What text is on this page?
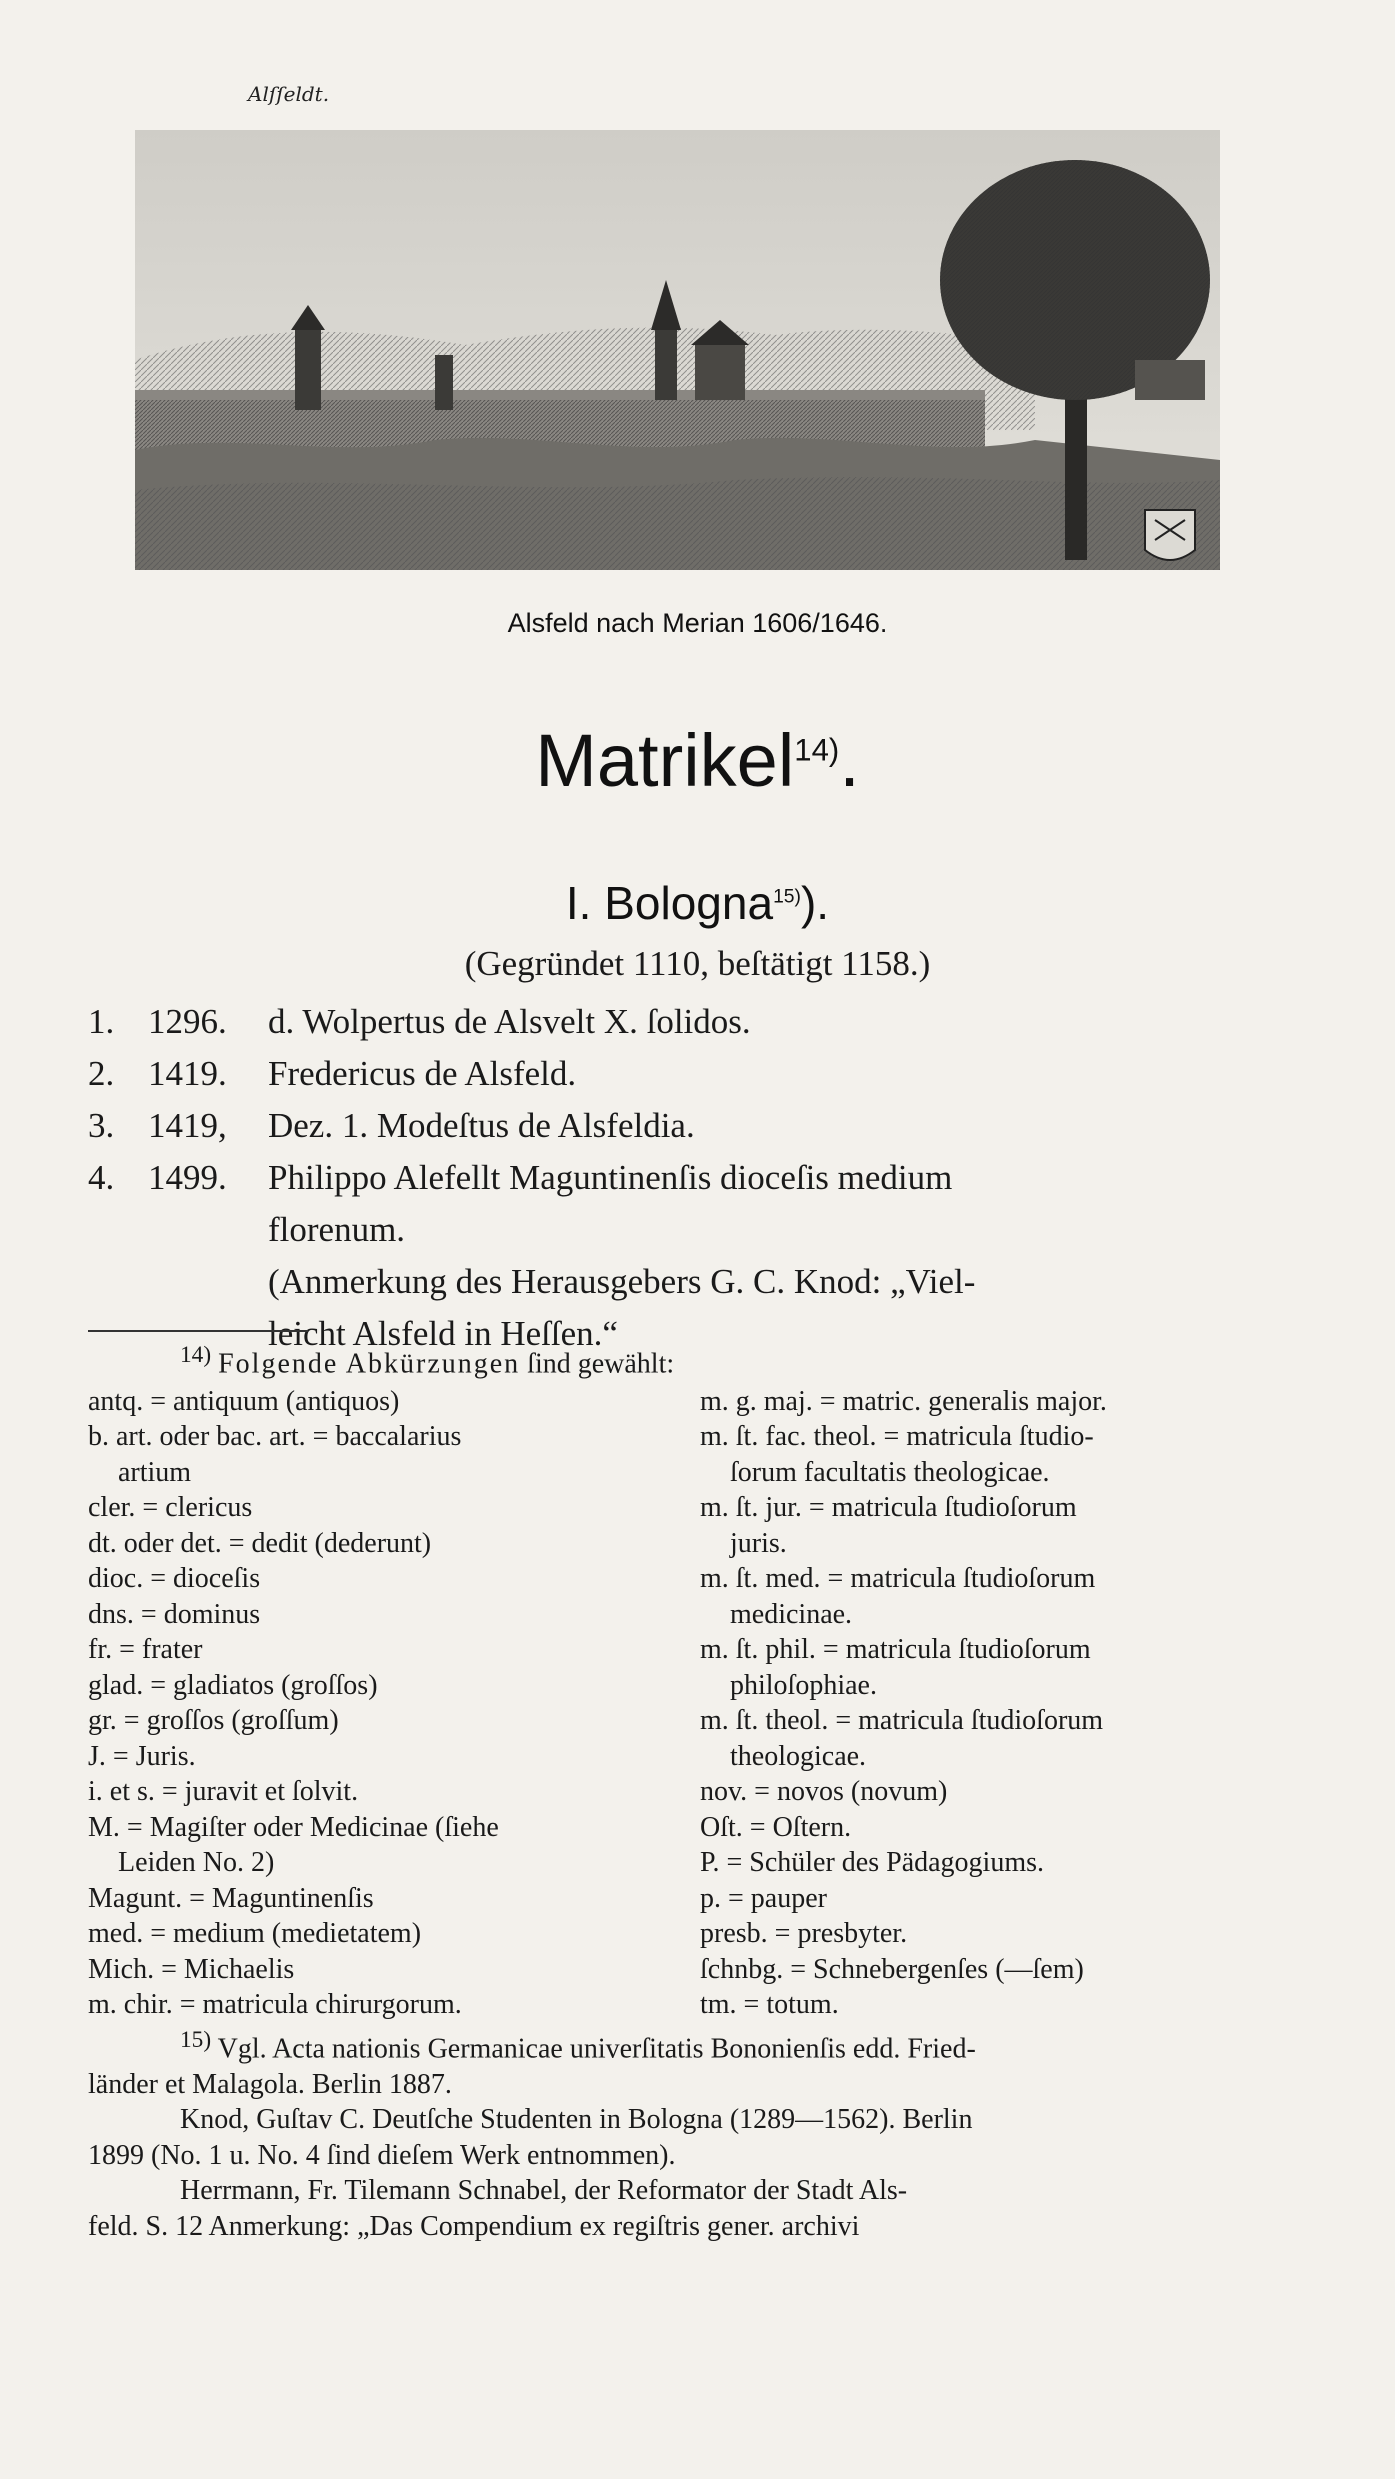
Alſſeldt.
Alsfeld nach Merian 1606/1646.
Matrikel$^{14)}$.
I. Bologna$^{15)}$).
(Gegründet 1110, beſtätigt 1158.)
1. 1296.	d. Wolpertus de Alsvelt X. ſolidos.
2. 1419.	Fredericus de Alsfeld.
3. 1419,	Dez. 1. Modeſtus de Alsfeldia.
4. 1499.	Philippo Alefellt Maguntinenſis dioceſis medium
florenum.
(Anmerkung des Herausgebers G. C. Knod: „Viel-
leicht Alsfeld in Heſſen.“
$^{14)}$ Folgende Abkürzungen ſind gewählt:
antq. = antiquum (antiquos)
b. art. oder bac. art. = baccalarius
artium
cler. = clericus
dt. oder det. = dedit (dederunt)
dioc. = dioceſis
dns. = dominus
fr. = frater
glad. = gladiatos (groſſos)
gr. = groſſos (groſſum)
J. = Juris.
i. et s. = juravit et ſolvit.
M. = Magiſter oder Medicinae (ſiehe
Leiden No. 2)
Magunt. = Maguntinenſis
med. = medium (medietatem)
Mich. = Michaelis
m. chir. = matricula chirurgorum.
m. g. maj. = matric. generalis major.
m. ſt. fac. theol. = matricula ſtudio-
ſorum facultatis theologicae.
m. ſt. jur. = matricula ſtudioſorum
juris.
m. ſt. med. = matricula ſtudioſorum
medicinae.
m. ſt. phil. = matricula ſtudioſorum
philoſophiae.
m. ſt. theol. = matricula ſtudioſorum
theologicae.
nov. = novos (novum)
Oſt. = Oſtern.
P. = Schüler des Pädagogiums.
p. = pauper
presb. = presbyter.
ſchnbg. = Schnebergenſes (—ſem)
tm. = totum.
$^{15)}$ Vgl. Acta nationis Germanicae univerſitatis Bononienſis edd. Fried-
länder et Malagola. Berlin 1887.
Knod, Guſtav C. Deutſche Studenten in Bologna (1289—1562). Berlin
1899 (No. 1 u. No. 4 ſind dieſem Werk entnommen).
Herrmann, Fr. Tilemann Schnabel, der Reformator der Stadt Als-
feld. S. 12 Anmerkung: „Das Compendium ex regiſtris gener. archivi
